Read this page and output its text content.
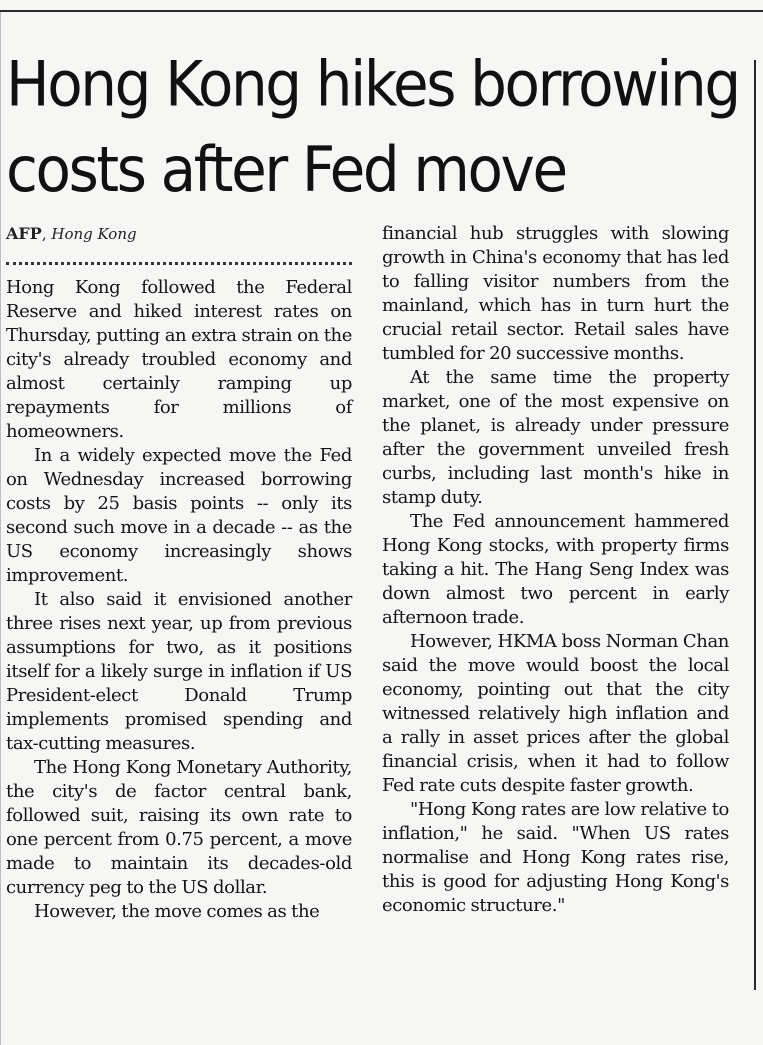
Hong Kong hikes borrowing costs after Fed move
AFP, Hong Kong

Hong Kong followed the Federal Reserve and hiked interest rates on Thursday, putting an extra strain on the city's already troubled economy and almost certainly ramping up repayments for millions of homeowners.

In a widely expected move the Fed on Wednesday increased borrowing costs by 25 basis points -- only its second such move in a decade -- as the US economy increasingly shows improvement.

It also said it envisioned another three rises next year, up from previous assumptions for two, as it positions itself for a likely surge in inflation if US President-elect Donald Trump implements promised spending and tax-cutting measures.

The Hong Kong Monetary Authority, the city's de factor central bank, followed suit, raising its own rate to one percent from 0.75 percent, a move made to maintain its decades-old currency peg to the US dollar.

However, the move comes as the

financial hub struggles with slowing growth in China's economy that has led to falling visitor numbers from the mainland, which has in turn hurt the crucial retail sector. Retail sales have tumbled for 20 successive months.

At the same time the property market, one of the most expensive on the planet, is already under pressure after the government unveiled fresh curbs, including last month's hike in stamp duty.

The Fed announcement hammered Hong Kong stocks, with property firms taking a hit. The Hang Seng Index was down almost two percent in early afternoon trade.

However, HKMA boss Norman Chan said the move would boost the local economy, pointing out that the city witnessed relatively high inflation and a rally in asset prices after the global financial crisis, when it had to follow Fed rate cuts despite faster growth.

"Hong Kong rates are low relative to inflation," he said. "When US rates normalise and Hong Kong rates rise, this is good for adjusting Hong Kong's economic structure."
